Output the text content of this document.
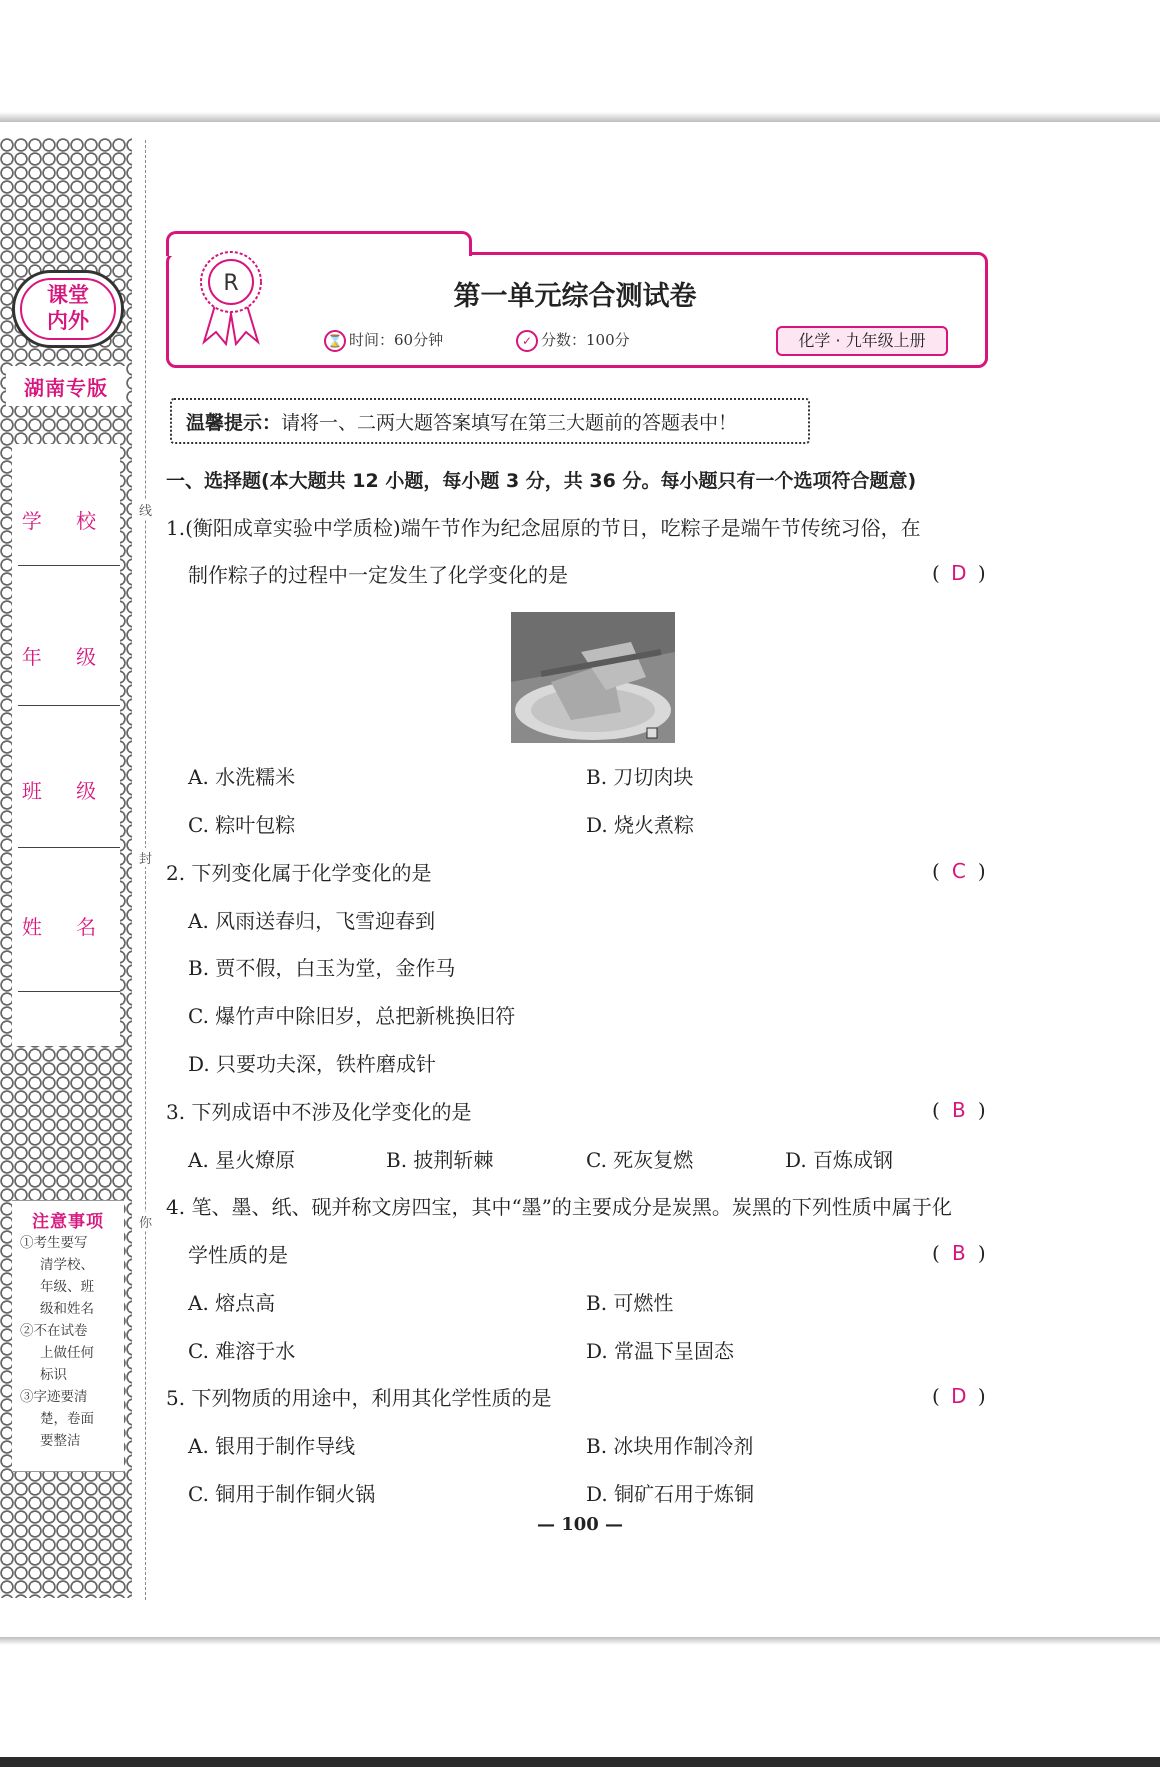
课堂
内外
湖南专版
学 校
年 级
班 级
姓 名
注意事项
①考生要写
清学校、
年级、班
级和姓名
②不在试卷
上做任何
标识
③字迹要清
楚，卷面
要整洁
线
封
你
R	第一单元综合测试卷
⌛ 时间：60分钟	✓ 分数：100分	化学 · 九年级上册
温馨提示：请将一、二两大题答案填写在第三大题前的答题表中！
一、选择题(本大题共 12 小题，每小题 3 分，共 36 分。每小题只有一个选项符合题意)
1.(衡阳成章实验中学质检)端午节作为纪念屈原的节日，吃粽子是端午节传统习俗，在
制作粽子的过程中一定发生了化学变化的是	( D )
A. 水洗糯米	B. 刀切肉块
C. 粽叶包粽	D. 烧火煮粽
2. 下列变化属于化学变化的是	( C )
A. 风雨送春归，飞雪迎春到
B. 贾不假，白玉为堂，金作马
C. 爆竹声中除旧岁，总把新桃换旧符
D. 只要功夫深，铁杵磨成针
3. 下列成语中不涉及化学变化的是	( B )
A. 星火燎原	B. 披荆斩棘	C. 死灰复燃	D. 百炼成钢
4. 笔、墨、纸、砚并称文房四宝，其中“墨”的主要成分是炭黑。炭黑的下列性质中属于化
学性质的是	( B )
A. 熔点高	B. 可燃性
C. 难溶于水	D. 常温下呈固态
5. 下列物质的用途中，利用其化学性质的是	( D )
A. 银用于制作导线	B. 冰块用作制冷剂
C. 铜用于制作铜火锅	D. 铜矿石用于炼铜
— 100 —
